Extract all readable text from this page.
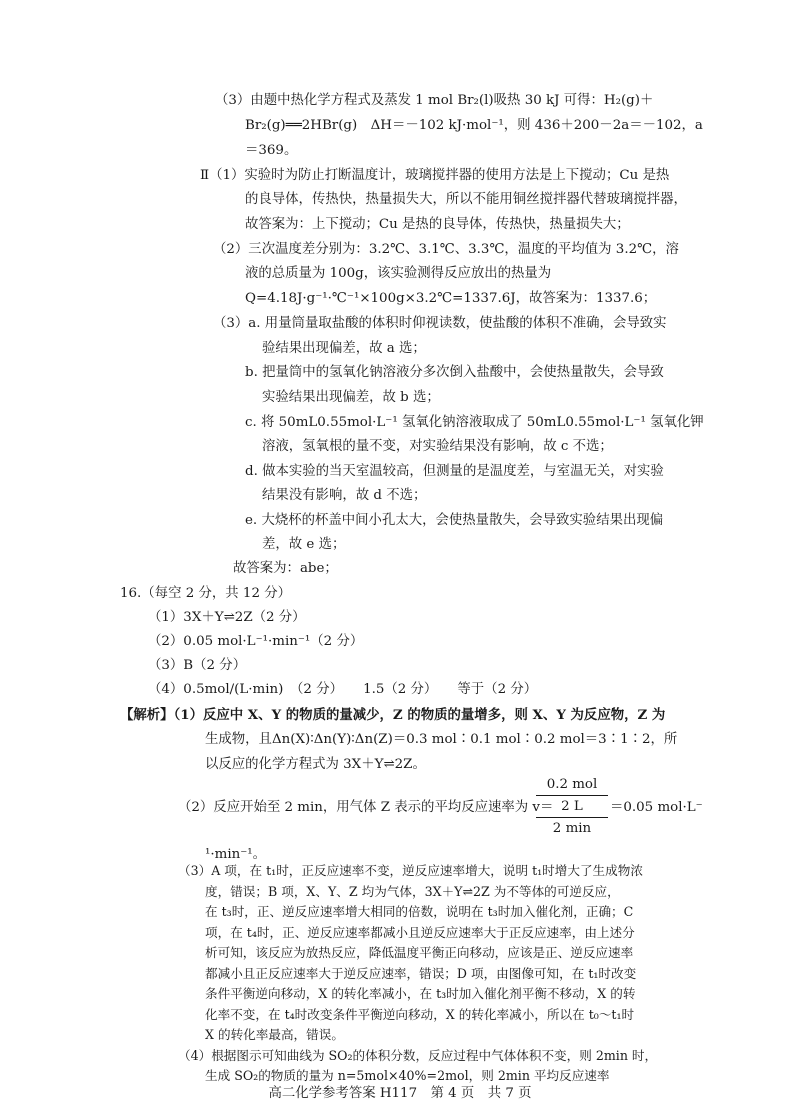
（3）由题中热化学方程式及蒸发 1 mol Br₂(l)吸热 30 kJ 可得：H₂(g)＋
Br₂(g)══2HBr(g)　ΔH＝－102 kJ·mol⁻¹，则 436＋200－2a＝－102，a
＝369。
Ⅱ（1）实验时为防止打断温度计，玻璃搅拌器的使用方法是上下搅动；Cu 是热
的良导体，传热快，热量损失大，所以不能用铜丝搅拌器代替玻璃搅拌器，
故答案为：上下搅动；Cu 是热的良导体，传热快，热量损失大；
（2）三次温度差分别为：3.2℃、3.1℃、3.3℃，温度的平均值为 3.2℃，溶
液的总质量为 100g，该实验测得反应放出的热量为
Q=4.18J·g⁻¹·℃⁻¹×100g×3.2℃=1337.6J，故答案为：1337.6；
（3）a. 用量筒量取盐酸的体积时仰视读数，使盐酸的体积不准确，会导致实
验结果出现偏差，故 a 选；
b. 把量筒中的氢氧化钠溶液分多次倒入盐酸中，会使热量散失，会导致
实验结果出现偏差，故 b 选；
c. 将 50mL0.55mol·L⁻¹ 氢氧化钠溶液取成了 50mL0.55mol·L⁻¹ 氢氧化钾
溶液，氢氧根的量不变，对实验结果没有影响，故 c 不选；
d. 做本实验的当天室温较高，但测量的是温度差，与室温无关，对实验
结果没有影响，故 d 不选；
e. 大烧杯的杯盖中间小孔太大，会使热量散失，会导致实验结果出现偏
差，故 e 选；
故答案为：abe；
16.（每空 2 分，共 12 分）
（1）3X＋Y⇌2Z（2 分）
（2）0.05 mol·L⁻¹·min⁻¹（2 分）
（3）B（2 分）
（4）0.5mol/(L·min)　（2 分）　　1.5（2 分）　　等于（2 分）
【解析】（1）反应中 X、Y 的物质的量减少，Z 的物质的量增多，则 X、Y 为反应物，Z 为
生成物，且Δn(X)∶Δn(Y)∶Δn(Z)＝0.3 mol∶0.1 mol∶0.2 mol＝3∶1∶2，所
以反应的化学方程式为 3X＋Y⇌2Z。
（2）反应开始至 2 min，用气体 Z 表示的平均反应速率为 v＝
0.2 mol
2 L
2 min
＝0.05 mol·L⁻
¹·min⁻¹。
（3）A 项，在 t₁时，正反应速率不变，逆反应速率增大，说明 t₁时增大了生成物浓
度，错误；B 项，X、Y、Z 均为气体，3X＋Y⇌2Z 为不等体的可逆反应，
在 t₃时，正、逆反应速率增大相同的倍数，说明在 t₃时加入催化剂，正确；C
项，在 t₄时，正、逆反应速率都减小且逆反应速率大于正反应速率，由上述分
析可知，该反应为放热反应，降低温度平衡正向移动，应该是正、逆反应速率
都减小且正反应速率大于逆反应速率，错误；D 项，由图像可知，在 t₁时改变
条件平衡逆向移动，X 的转化率减小，在 t₃时加入催化剂平衡不移动，X 的转
化率不变，在 t₄时改变条件平衡逆向移动，X 的转化率减小，所以在 t₀～t₁时
X 的转化率最高，错误。
（4）根据图示可知曲线为 SO₂的体积分数，反应过程中气体体积不变，则 2min 时，
生成 SO₂的物质的量为 n=5mol×40%=2mol，则 2min 平均反应速率
高二化学参考答案 H117　第 4 页　共 7 页
